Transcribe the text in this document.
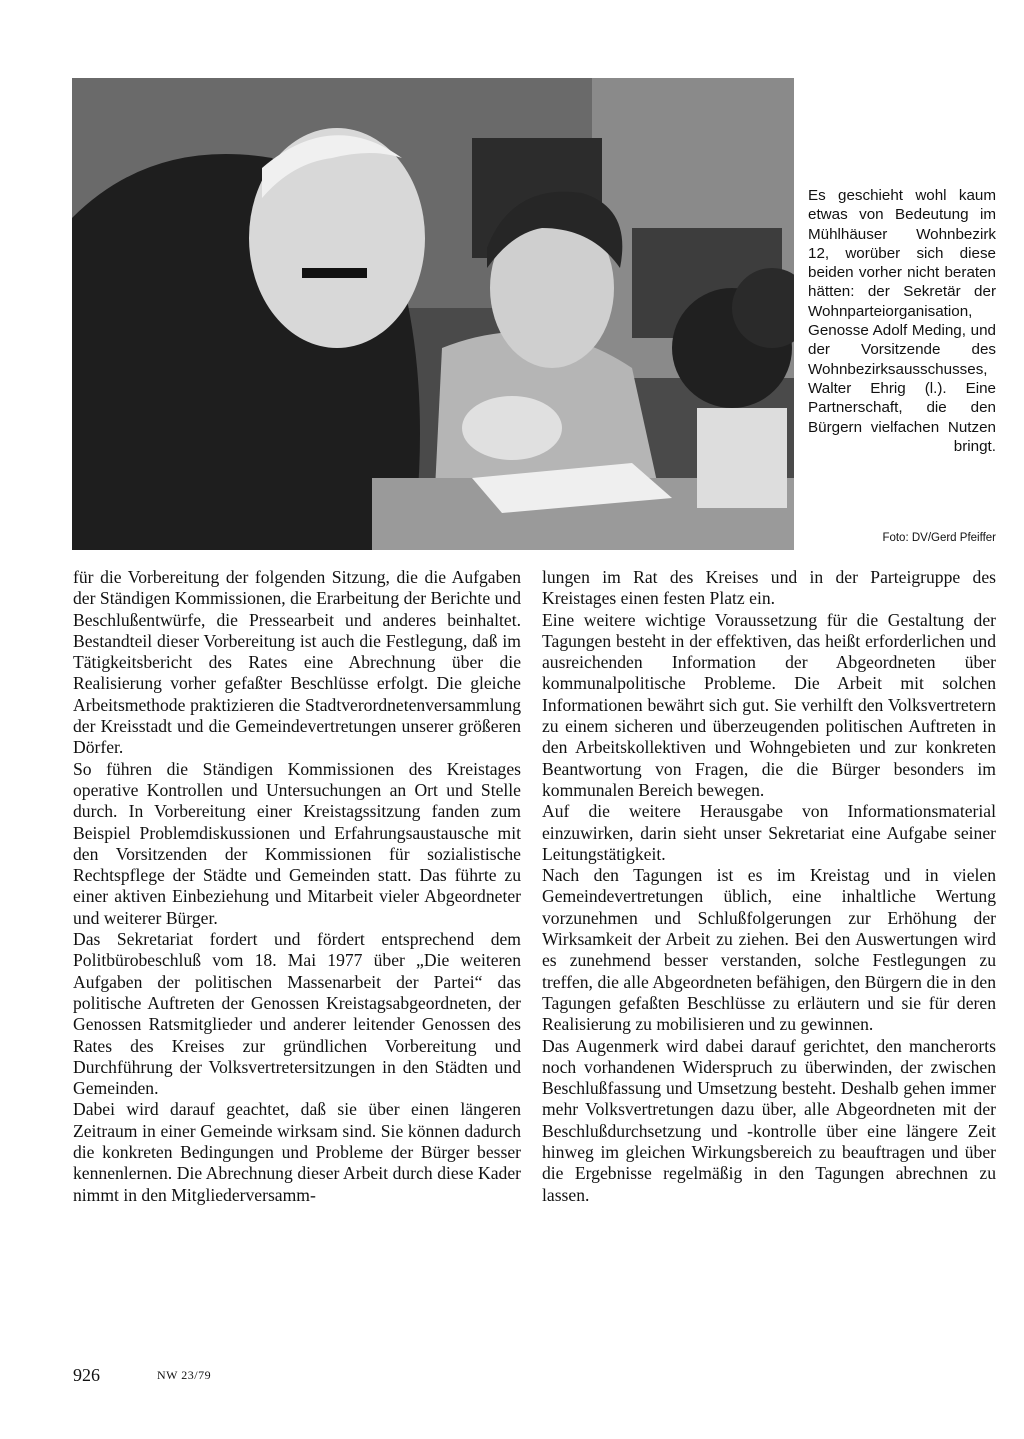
Es geschieht wohl kaum etwas von Bedeutung im Mühlhäuser Wohnbezirk 12, worüber sich diese beiden vorher nicht beraten hätten: der Sekretär der Wohnparteiorganisation, Genosse Adolf Meding, und der Vorsitzende des Wohnbezirksausschusses, Walter Ehrig (l.). Eine Partnerschaft, die den Bürgern vielfachen Nutzen bringt.
Foto: DV/Gerd Pfeiffer

für die Vorbereitung der folgenden Sitzung, die die Aufgaben der Ständigen Kommissionen, die Erarbeitung der Berichte und Beschlußentwürfe, die Pressearbeit und anderes beinhaltet. Bestandteil dieser Vorbereitung ist auch die Festlegung, daß im Tätigkeitsbericht des Rates eine Abrechnung über die Realisierung vorher gefaßter Beschlüsse erfolgt. Die gleiche Arbeitsmethode praktizieren die Stadtverordnetenversammlung der Kreisstadt und die Gemeindevertretungen unserer größeren Dörfer.

So führen die Ständigen Kommissionen des Kreistages operative Kontrollen und Untersuchungen an Ort und Stelle durch. In Vorbereitung einer Kreistagssitzung fanden zum Beispiel Problemdiskussionen und Erfahrungsaustausche mit den Vorsitzenden der Kommissionen für sozialistische Rechtspflege der Städte und Gemeinden statt. Das führte zu einer aktiven Einbeziehung und Mitarbeit vieler Abgeordneter und weiterer Bürger.

Das Sekretariat fordert und fördert entsprechend dem Politbürobeschluß vom 18. Mai 1977 über „Die weiteren Aufgaben der politischen Massenarbeit der Partei“ das politische Auftreten der Genossen Kreistagsabgeordneten, der Genossen Ratsmitglieder und anderer leitender Genossen des Rates des Kreises zur gründlichen Vorbereitung und Durchführung der Volksvertretersitzungen in den Städten und Gemeinden.

Dabei wird darauf geachtet, daß sie über einen längeren Zeitraum in einer Gemeinde wirksam sind. Sie können dadurch die konkreten Bedingungen und Probleme der Bürger besser kennenlernen. Die Abrechnung dieser Arbeit durch diese Kader nimmt in den Mitgliederversamm-

lungen im Rat des Kreises und in der Parteigruppe des Kreistages einen festen Platz ein.

Eine weitere wichtige Voraussetzung für die Gestaltung der Tagungen besteht in der effektiven, das heißt erforderlichen und ausreichenden Information der Abgeordneten über kommunalpolitische Probleme. Die Arbeit mit solchen Informationen bewährt sich gut. Sie verhilft den Volksvertretern zu einem sicheren und überzeugenden politischen Auftreten in den Arbeitskollektiven und Wohngebieten und zur konkreten Beantwortung von Fragen, die die Bürger besonders im kommunalen Bereich bewegen.

Auf die weitere Herausgabe von Informationsmaterial einzuwirken, darin sieht unser Sekretariat eine Aufgabe seiner Leitungstätigkeit.

Nach den Tagungen ist es im Kreistag und in vielen Gemeindevertretungen üblich, eine inhaltliche Wertung vorzunehmen und Schlußfolgerungen zur Erhöhung der Wirksamkeit der Arbeit zu ziehen. Bei den Auswertungen wird es zunehmend besser verstanden, solche Festlegungen zu treffen, die alle Abgeordneten befähigen, den Bürgern die in den Tagungen gefaßten Beschlüsse zu erläutern und sie für deren Realisierung zu mobilisieren und zu gewinnen.

Das Augenmerk wird dabei darauf gerichtet, den mancherorts noch vorhandenen Widerspruch zu überwinden, der zwischen Beschlußfassung und Umsetzung besteht. Deshalb gehen immer mehr Volksvertretungen dazu über, alle Abgeordneten mit der Beschlußdurchsetzung und -kontrolle über eine längere Zeit hinweg im gleichen Wirkungsbereich zu beauftragen und über die Ergebnisse regelmäßig in den Tagungen abrechnen zu lassen.

926	NW 23/79
